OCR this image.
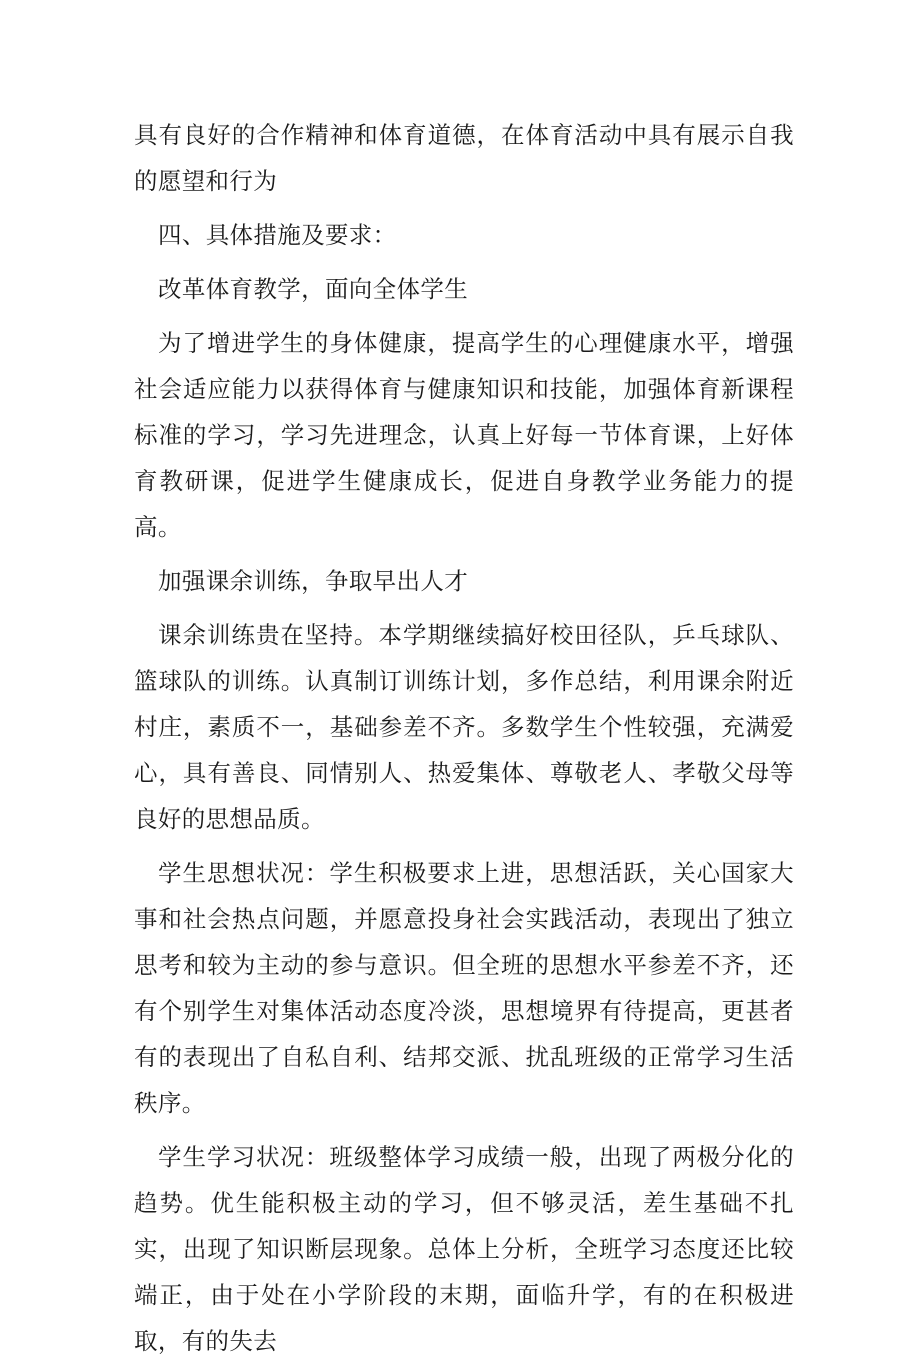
具有良好的合作精神和体育道德，在体育活动中具有展示自我的愿望和行为

四、具体措施及要求：

改革体育教学，面向全体学生

为了增进学生的身体健康，提高学生的心理健康水平，增强社会适应能力以获得体育与健康知识和技能，加强体育新课程标准的学习，学习先进理念，认真上好每一节体育课，上好体育教研课，促进学生健康成长，促进自身教学业务能力的提高。

加强课余训练，争取早出人才

课余训练贵在坚持。本学期继续搞好校田径队，乒乓球队、篮球队的训练。认真制订训练计划，多作总结，利用课余附近村庄，素质不一，基础参差不齐。多数学生个性较强，充满爱心，具有善良、同情别人、热爱集体、尊敬老人、孝敬父母等良好的思想品质。

学生思想状况：学生积极要求上进，思想活跃，关心国家大事和社会热点问题，并愿意投身社会实践活动，表现出了独立思考和较为主动的参与意识。但全班的思想水平参差不齐，还有个别学生对集体活动态度冷淡，思想境界有待提高，更甚者有的表现出了自私自利、结邦交派、扰乱班级的正常学习生活秩序。

学生学习状况：班级整体学习成绩一般，出现了两极分化的趋势。优生能积极主动的学习，但不够灵活，差生基础不扎实，出现了知识断层现象。总体上分析，全班学习态度还比较端正，由于处在小学阶段的末期，面临升学，有的在积极进取，有的失去
